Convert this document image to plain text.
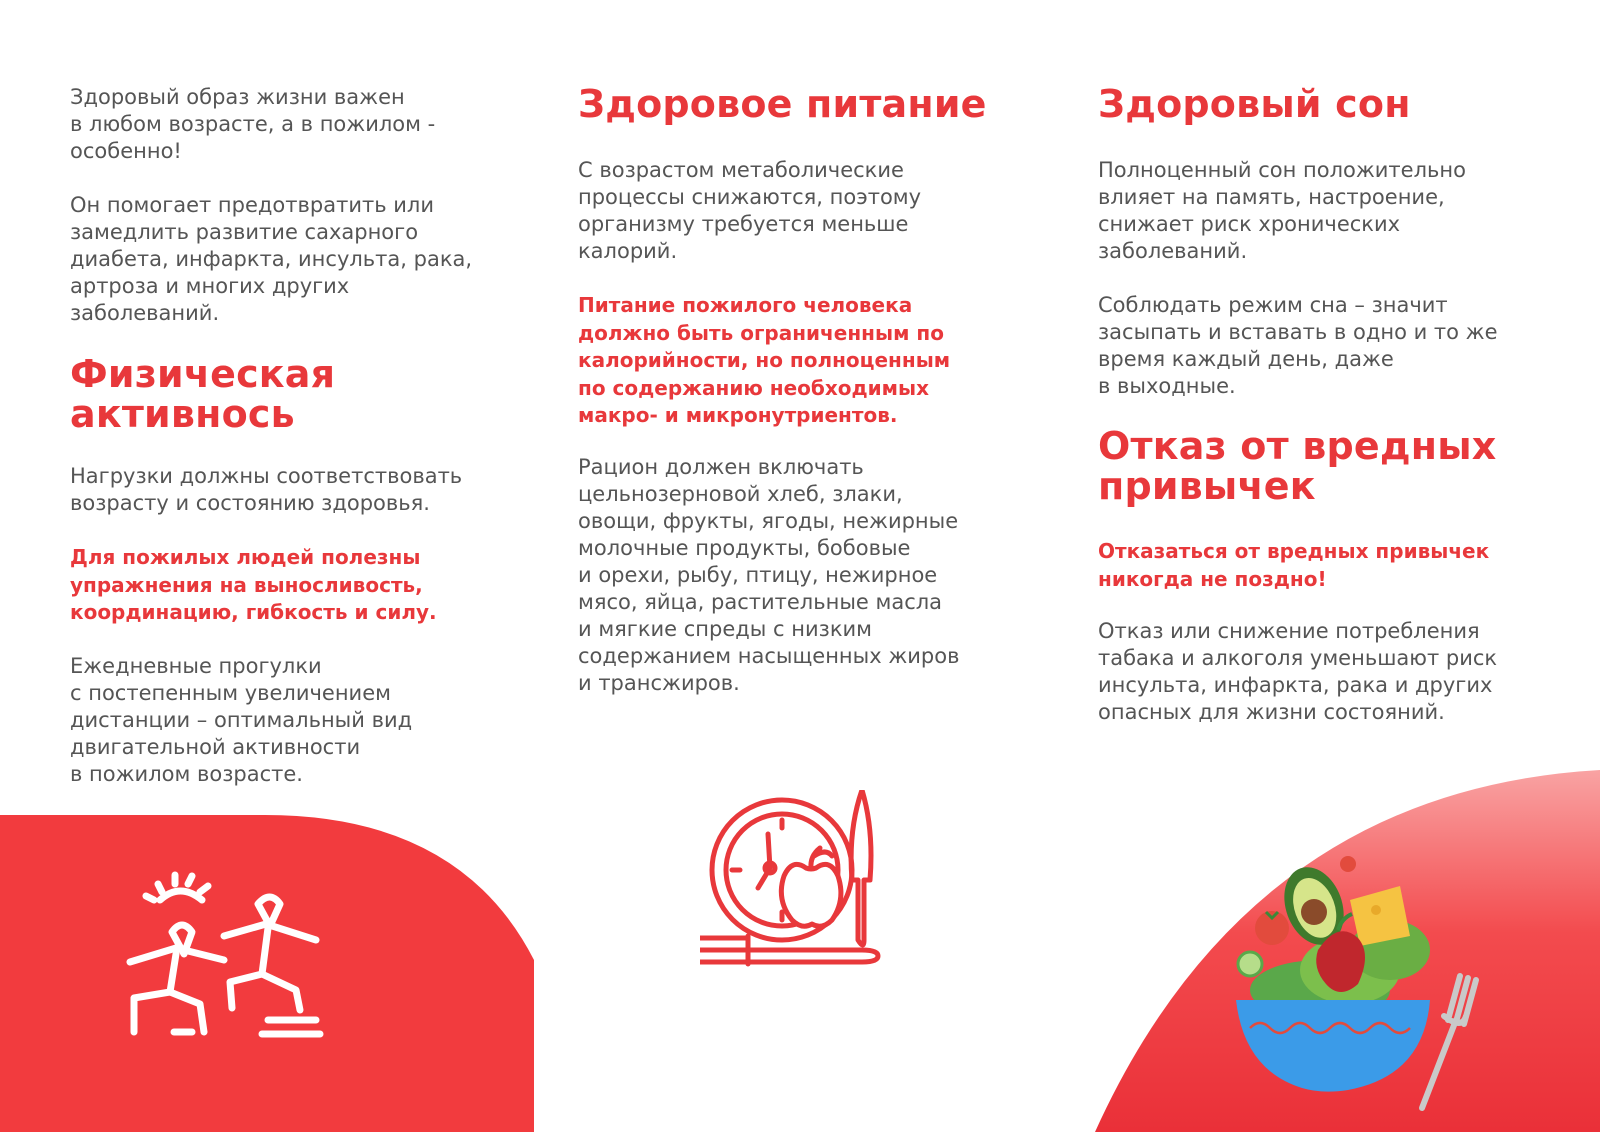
Здоровый образ жизни важен
в любом возрасте, а в пожилом -
особенно!

Он помогает предотвратить или
замедлить развитие сахарного
диабета, инфаркта, инсульта, рака,
артроза и многих других
заболеваний.

Физическая
активнось

Нагрузки должны соответствовать
возрасту и состоянию здоровья.

Для пожилых людей полезны
упражнения на выносливость,
координацию, гибкость и силу.

Ежедневные прогулки
с постепенным увеличением
дистанции – оптимальный вид
двигательной активности
в пожилом возрасте.

Здоровое питание

С возрастом метаболические
процессы снижаются, поэтому
организму требуется меньше
калорий.

Питание пожилого человека
должно быть ограниченным по
калорийности, но полноценным
по содержанию необходимых
макро- и микронутриентов.

Рацион должен включать
цельнозерновой хлеб, злаки,
овощи, фрукты, ягоды, нежирные
молочные продукты, бобовые
и орехи, рыбу, птицу, нежирное
мясо, яйца, растительные масла
и мягкие спреды с низким
содержанием насыщенных жиров
и трансжиров.

Здоровый сон

Полноценный сон положительно
влияет на память, настроение,
снижает риск хронических
заболеваний.

Соблюдать режим сна – значит
засыпать и вставать в одно и то же
время каждый день, даже
в выходные.

Отказ от вредных
привычек

Отказаться от вредных привычек
никогда не поздно!

Отказ или снижение потребления
табака и алкоголя уменьшают риск
инсульта, инфаркта, рака и других
опасных для жизни состояний.
